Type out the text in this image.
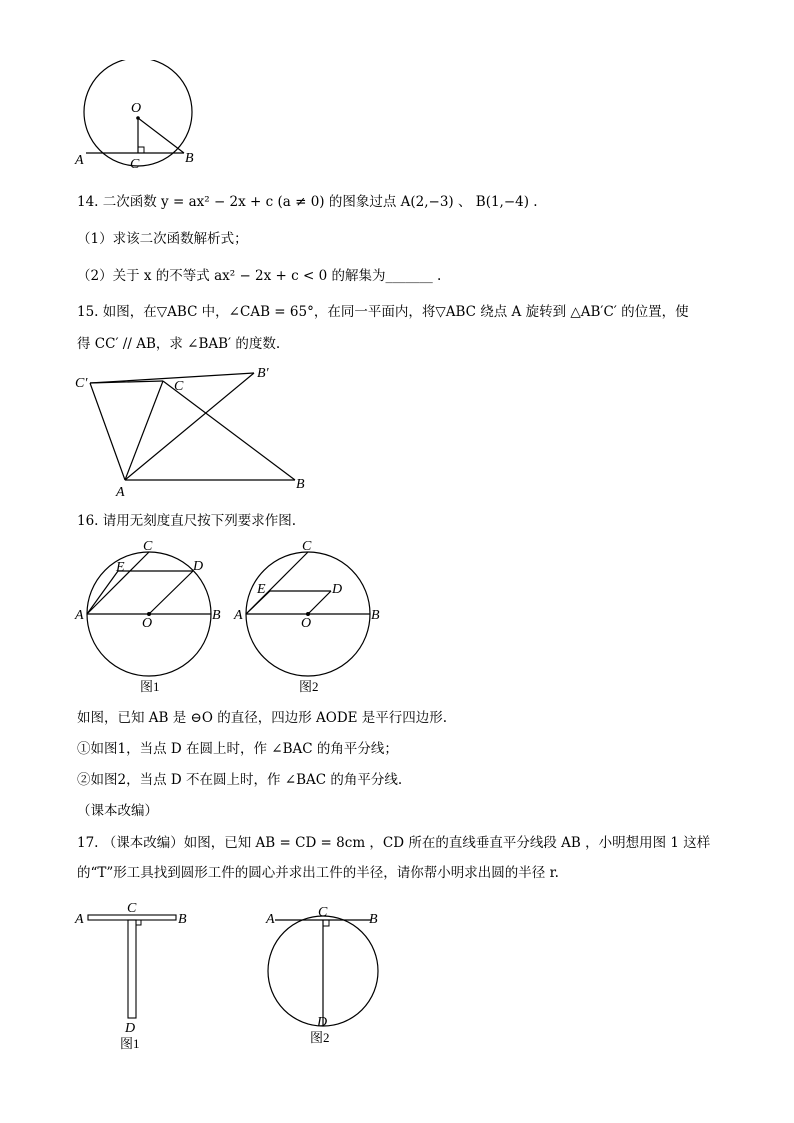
O
A	C	B
14. 二次函数 y = ax² − 2x + c (a ≠ 0) 的图象过点 A(2,−3) 、 B(1,−4) .
（1）求该二次函数解析式；
（2）关于 x 的不等式 ax² − 2x + c < 0 的解集为_______ .
15. 如图，在▽ABC 中，∠CAB = 65°，在同一平面内，将▽ABC 绕点 A 旋转到 △AB′C′ 的位置，使
得 CC′ // AB，求 ∠BAB′ 的度数.
C′	C
B′
A
B
16. 请用无刻度直尺按下列要求作图.
C
E	D
A
O
B
图1
C
E	D
A
O
B
图2
如图，已知 AB 是 ⊖O 的直径，四边形 AODE 是平行四边形.
①如图1，当点 D 在圆上时，作 ∠BAC 的角平分线；
②如图2，当点 D 不在圆上时，作 ∠BAC 的角平分线.
（课本改编）
17. （课本改编）如图，已知 AB = CD = 8cm ，CD 所在的直线垂直平分线段 AB ，小明想用图 1 这样
的“T”形工具找到圆形工件的圆心并求出工件的半径，请你帮小明求出圆的半径 r.
A
C
B
D
图1
A	C	B
D
图2
